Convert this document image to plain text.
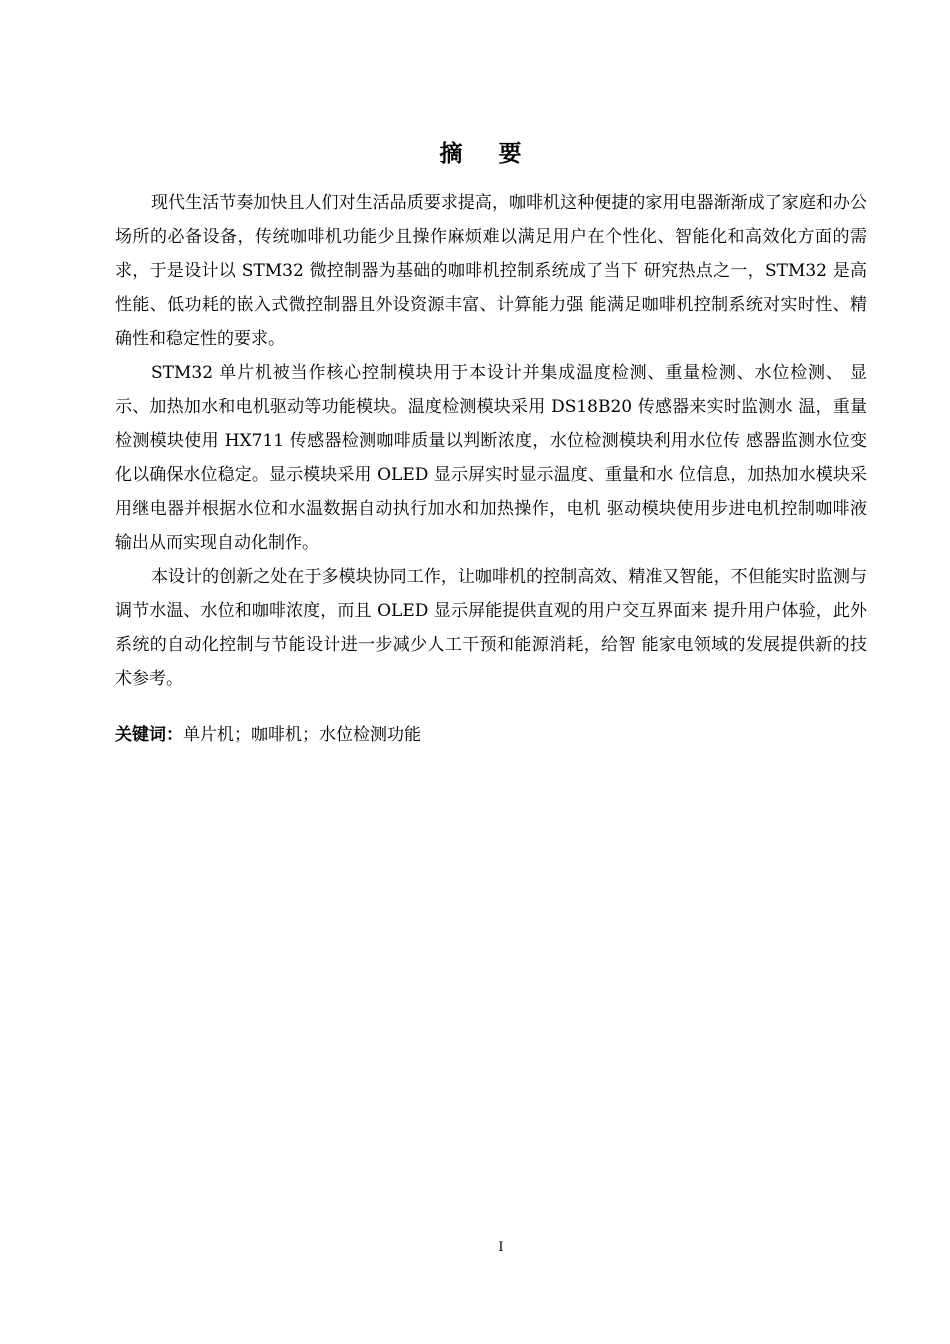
摘 要

现代生活节奏加快且人们对生活品质要求提高，咖啡机这种便捷的家用电器渐渐成了家庭和办公场所的必备设备，传统咖啡机功能少且操作麻烦难以满足用户在个性化、智能化和高效化方面的需求，于是设计以 STM32 微控制器为基础的咖啡机控制系统成了当下 研究热点之一，STM32 是高性能、低功耗的嵌入式微控制器且外设资源丰富、计算能力强 能满足咖啡机控制系统对实时性、精确性和稳定性的要求。

STM32 单片机被当作核心控制模块用于本设计并集成温度检测、重量检测、水位检测、 显示、加热加水和电机驱动等功能模块。温度检测模块采用 DS18B20 传感器来实时监测水 温，重量检测模块使用 HX711 传感器检测咖啡质量以判断浓度，水位检测模块利用水位传 感器监测水位变化以确保水位稳定。显示模块采用 OLED 显示屏实时显示温度、重量和水 位信息，加热加水模块采用继电器并根据水位和水温数据自动执行加水和加热操作，电机 驱动模块使用步进电机控制咖啡液输出从而实现自动化制作。

本设计的创新之处在于多模块协同工作，让咖啡机的控制高效、精准又智能，不但能实时监测与调节水温、水位和咖啡浓度，而且 OLED 显示屏能提供直观的用户交互界面来 提升用户体验，此外系统的自动化控制与节能设计进一步减少人工干预和能源消耗，给智 能家电领域的发展提供新的技术参考。

关键词：单片机；咖啡机；水位检测功能
I
